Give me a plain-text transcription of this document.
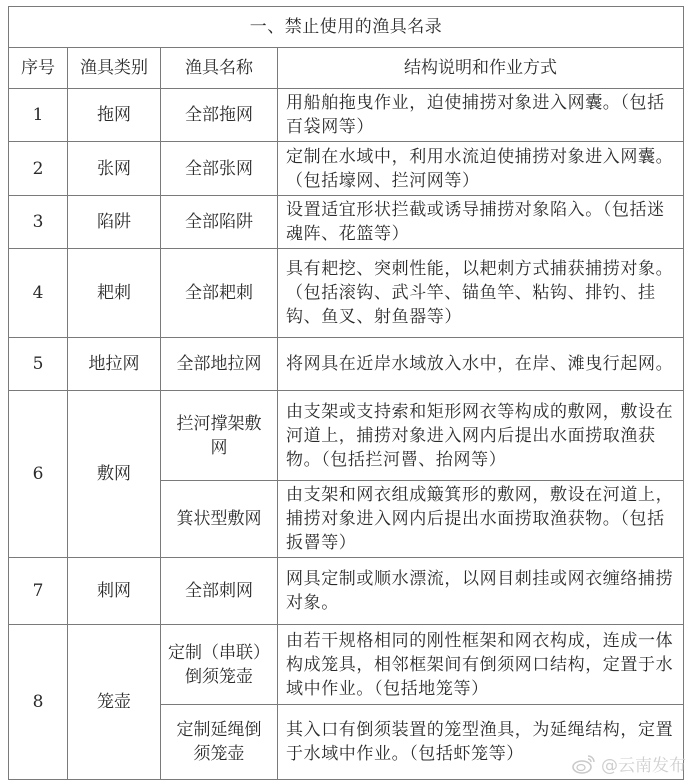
一、禁止使用的渔具名录			
序号	渔具类别	渔具名称	结构说明和作业方式
1	拖网	全部拖网	用船舶拖曳作业，迫使捕捞对象进入网囊。（包括百袋网等）
2	张网	全部张网	定制在水域中，利用水流迫使捕捞对象进入网囊。（包括壕网、拦河网等）
3	陷阱	全部陷阱	设置适宜形状拦截或诱导捕捞对象陷入。（包括迷魂阵、花篮等）
4	耙刺	全部耙刺	具有耙挖、突刺性能，以耙刺方式捕获捕捞对象。（包括滚钩、武斗竿、锚鱼竿、粘钩、排钓、挂钩、鱼叉、射鱼器等）
5	地拉网	全部地拉网	将网具在近岸水域放入水中，在岸、滩曳行起网。
6	敷网	拦河撑架敷网	由支架或支持索和矩形网衣等构成的敷网，敷设在河道上，捕捞对象进入网内后提出水面捞取渔获物。（包括拦河罾、抬网等）
		箕状型敷网	由支架和网衣组成簸箕形的敷网，敷设在河道上，捕捞对象进入网内后提出水面捞取渔获物。（包括扳罾等）
7	刺网	全部刺网	网具定制或顺水漂流，以网目刺挂或网衣缠络捕捞对象。
8	笼壶	定制（串联）倒须笼壶	由若干规格相同的刚性框架和网衣构成，连成一体构成笼具，相邻框架间有倒须网口结构，定置于水域中作业。（包括地笼等）
		定制延绳倒须笼壶	其入口有倒须装置的笼型渔具，为延绳结构，定置于水域中作业。（包括虾笼等）
@云南发布
